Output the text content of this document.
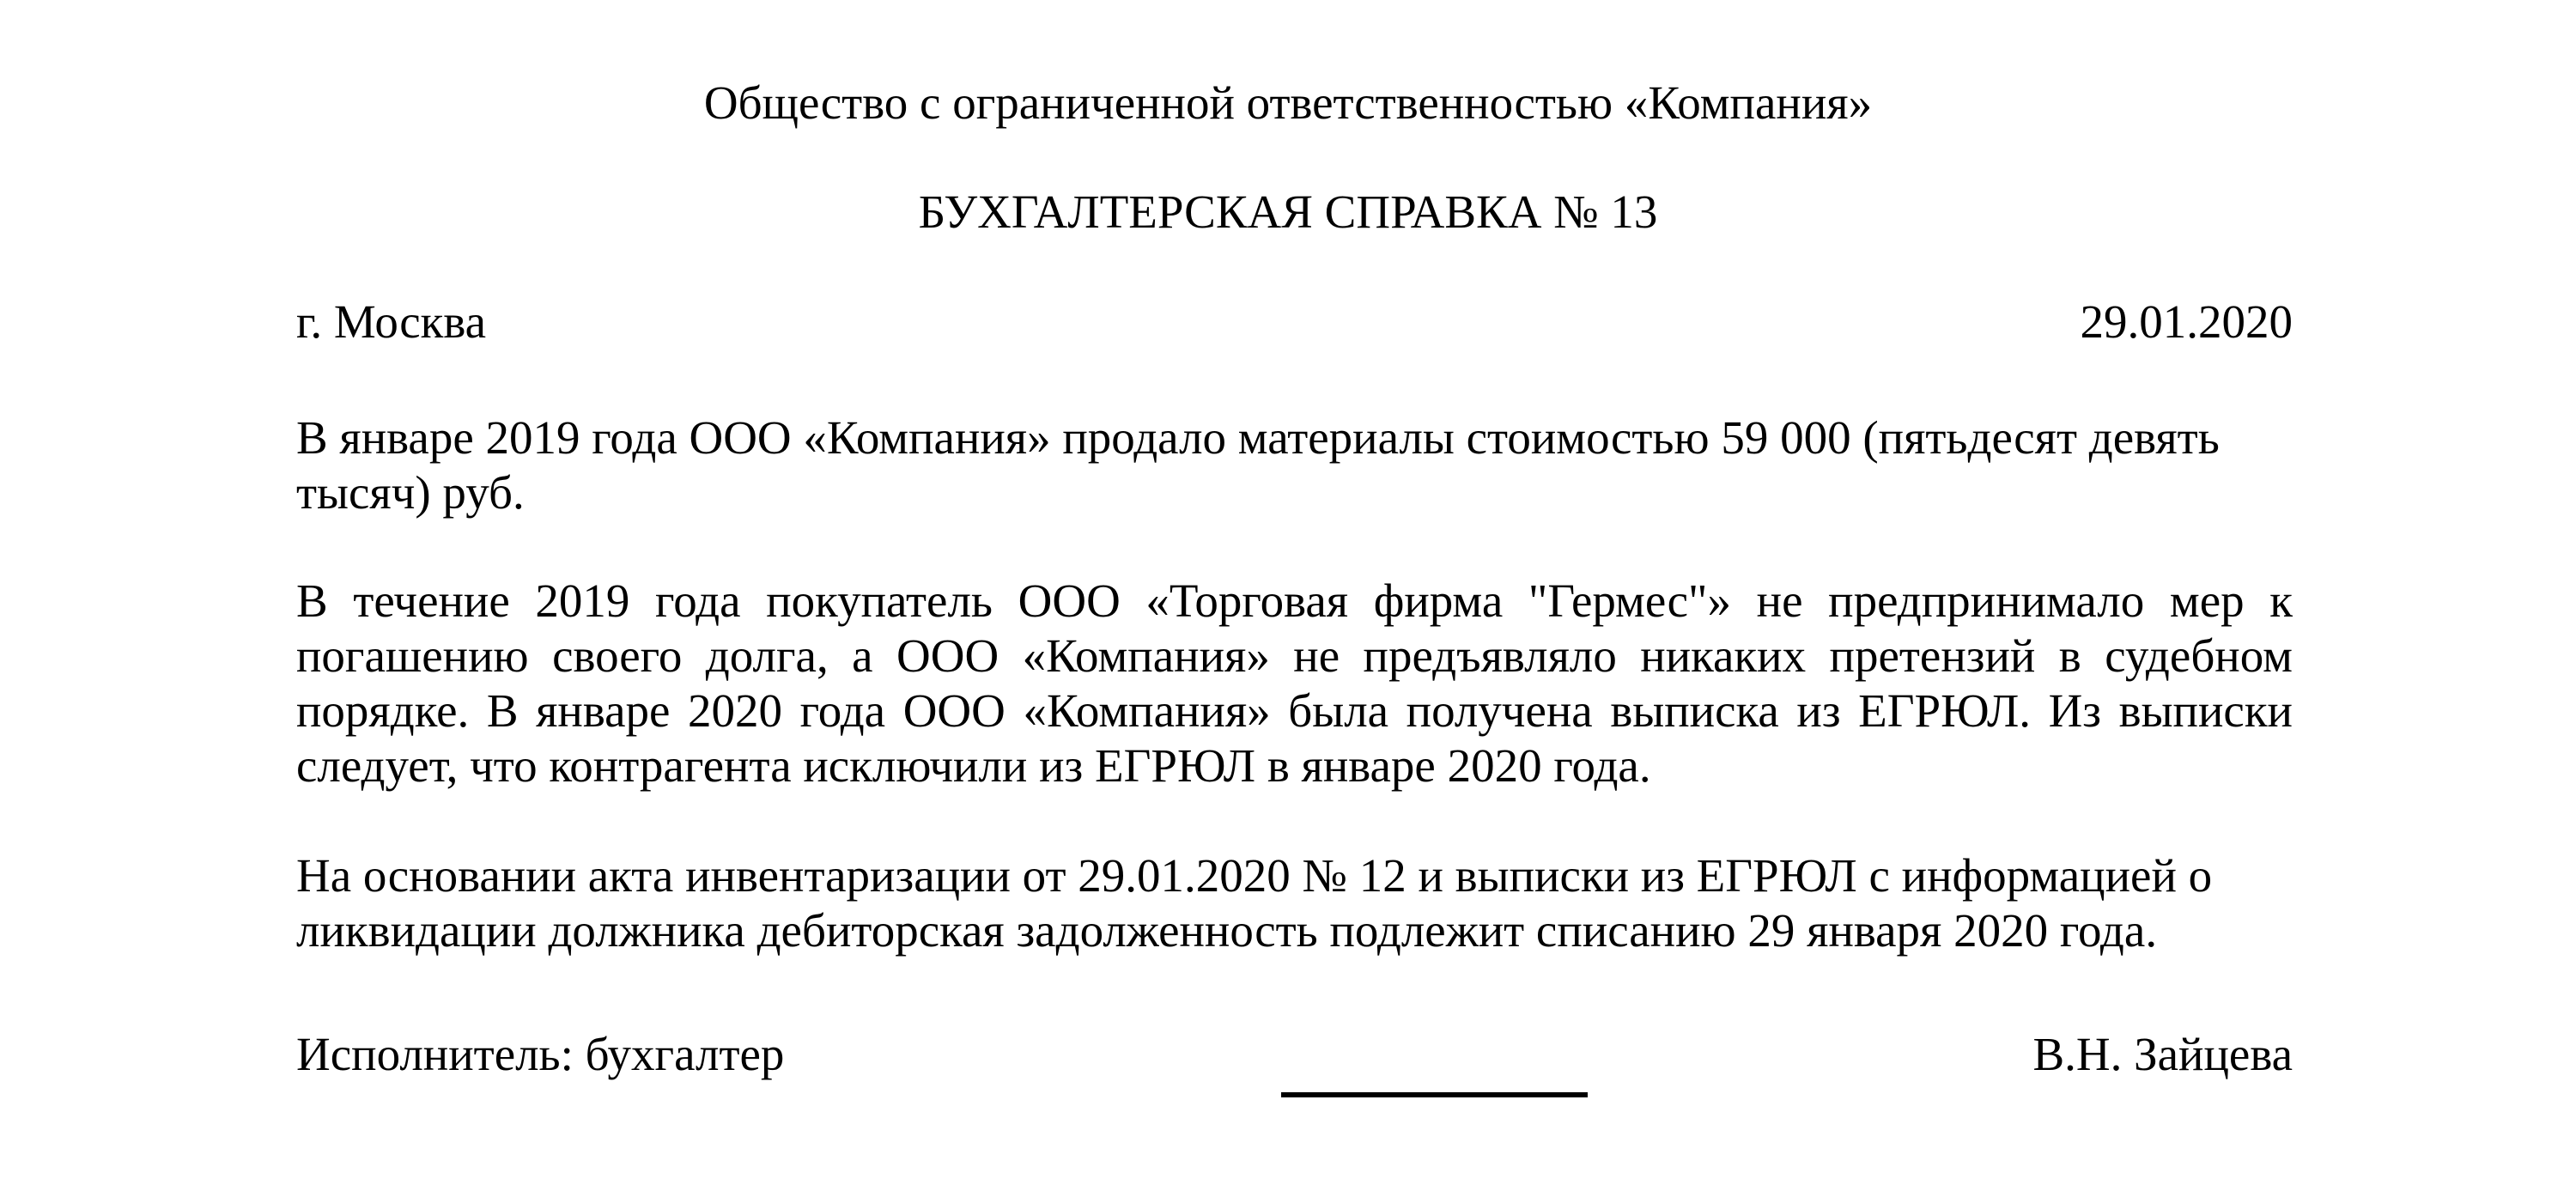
Общество с ограниченной ответственностью «Компания»
БУХГАЛТЕРСКАЯ СПРАВКА № 13
г. Москва	29.01.2020

В январе 2019 года ООО «Компания» продало материалы стоимостью 59 000 (пятьдесят девять тысяч) руб.

В течение 2019 года покупатель ООО «Торговая фирма "Гермес"» не предпринимало мер к погашению своего долга, а ООО «Компания» не предъявляло никаких претензий в судебном порядке. В январе 2020 года ООО «Компания» была получена выписка из ЕГРЮЛ. Из выписки следует, что контрагента исключили из ЕГРЮЛ в январе 2020 года.

На основании акта инвентаризации от 29.01.2020 № 12 и выписки из ЕГРЮЛ с информацией о ликвидации должника дебиторская задолженность подлежит списанию 29 января 2020 года.

Исполнитель: бухгалтер	В.Н. Зайцева
